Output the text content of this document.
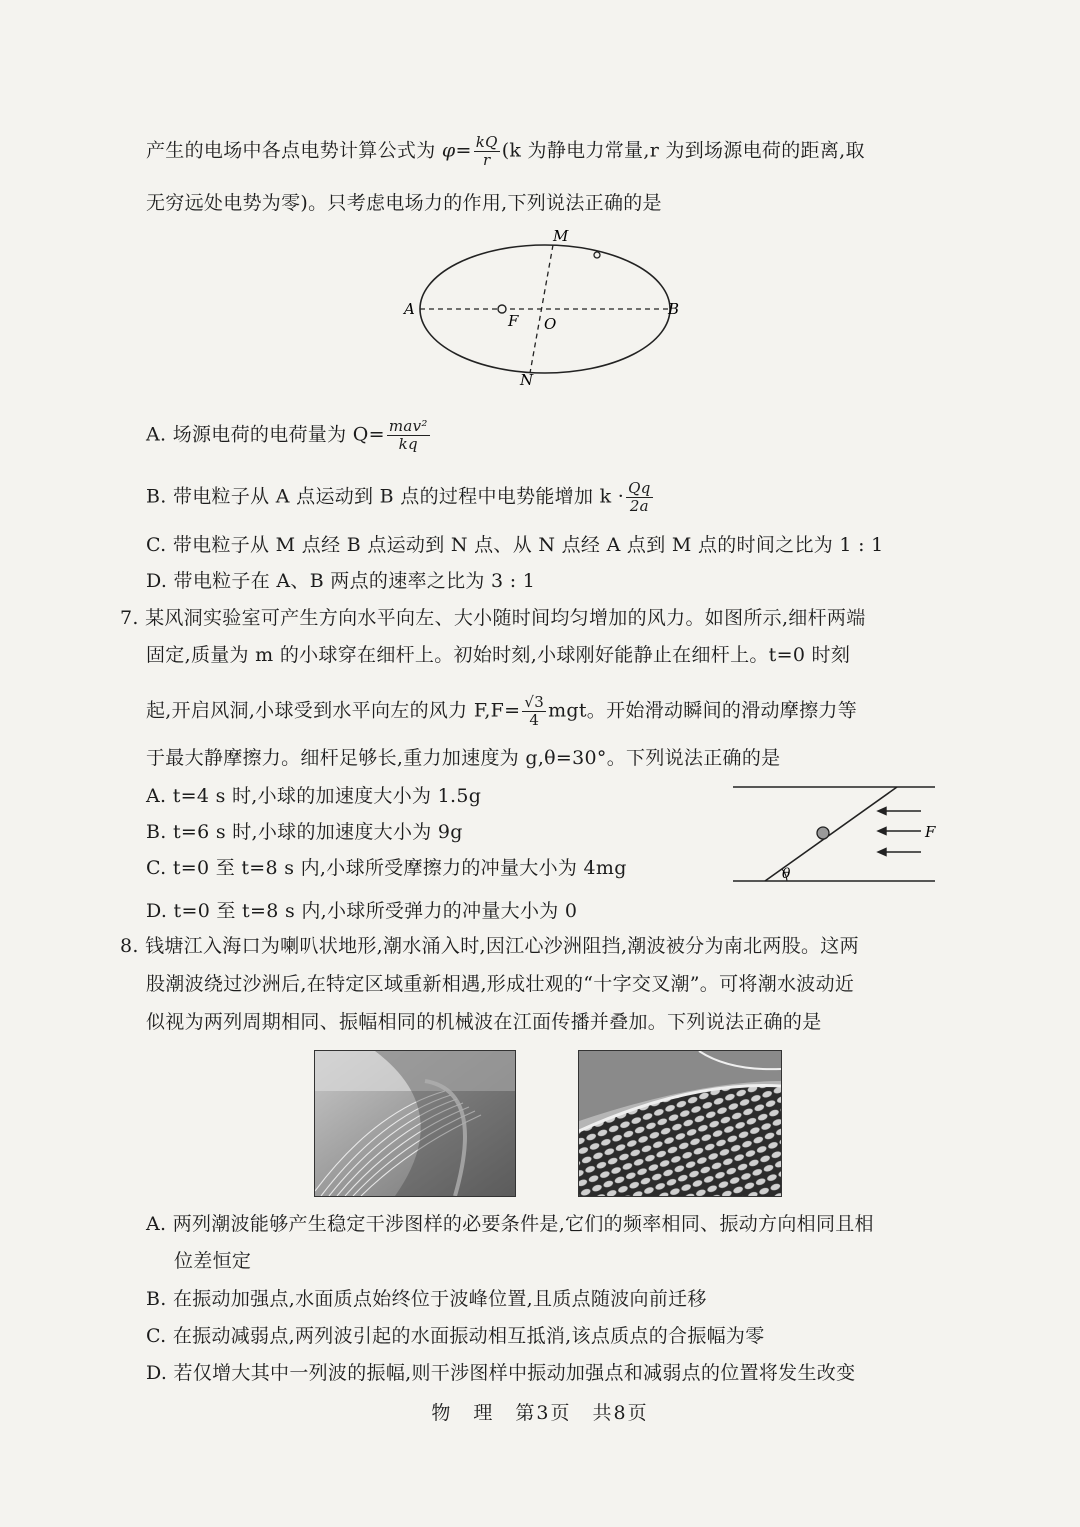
产生的电场中各点电势计算公式为 $\varphi= \frac{kQ}{r} (k$ 为静电力常量,r 为到场源电荷的距离,取
无穷远处电势为零)。只考虑电场力的作用,下列说法正确的是
M
N
A	B
F O
A. 场源电荷的电荷量为 $Q= \frac{\text{mav²}}{kq}$
B. 带电粒子从 A 点运动到 B 点的过程中电势能增加 $k \cdot \frac{Qq}{2a}$
C. 带电粒子从 M 点经 B 点运动到 N 点、从 N 点经 A 点到 M 点的时间之比为 1 : 1
D. 带电粒子在 A、B 两点的速率之比为 3 : 1
7. 某风洞实验室可产生方向水平向左、大小随时间均匀增加的风力。如图所示,细杆两端
固定,质量为 m 的小球穿在细杆上。初始时刻,小球刚好能静止在细杆上。t=0 时刻
起,开启风洞,小球受到水平向左的风力 $F,F= \frac{√3}{4}$ mgt。开始滑动瞬间的滑动摩擦力等
于最大静摩擦力。细杆足够长,重力加速度为 g,θ=30°。下列说法正确的是
A. t=4 s 时,小球的加速度大小为 1.5g
B. t=6 s 时,小球的加速度大小为 9g
C. t=0 至 t=8 s 内,小球所受摩擦力的冲量大小为 4mg
D. t=0 至 t=8 s 内,小球所受弹力的冲量大小为 0
θ
F
8. 钱塘江入海口为喇叭状地形,潮水涌入时,因江心沙洲阻挡,潮波被分为南北两股。这两
股潮波绕过沙洲后,在特定区域重新相遇,形成壮观的“十字交叉潮”。可将潮水波动近
似视为两列周期相同、振幅相同的机械波在江面传播并叠加。下列说法正确的是
A. 两列潮波能够产生稳定干涉图样的必要条件是,它们的频率相同、振动方向相同且相
位差恒定
B. 在振动加强点,水面质点始终位于波峰位置,且质点随波向前迁移
C. 在振动减弱点,两列波引起的水面振动相互抵消,该点质点的合振幅为零
D. 若仅增大其中一列波的振幅,则干涉图样中振动加强点和减弱点的位置将发生改变
物　理　第3页　共8页
